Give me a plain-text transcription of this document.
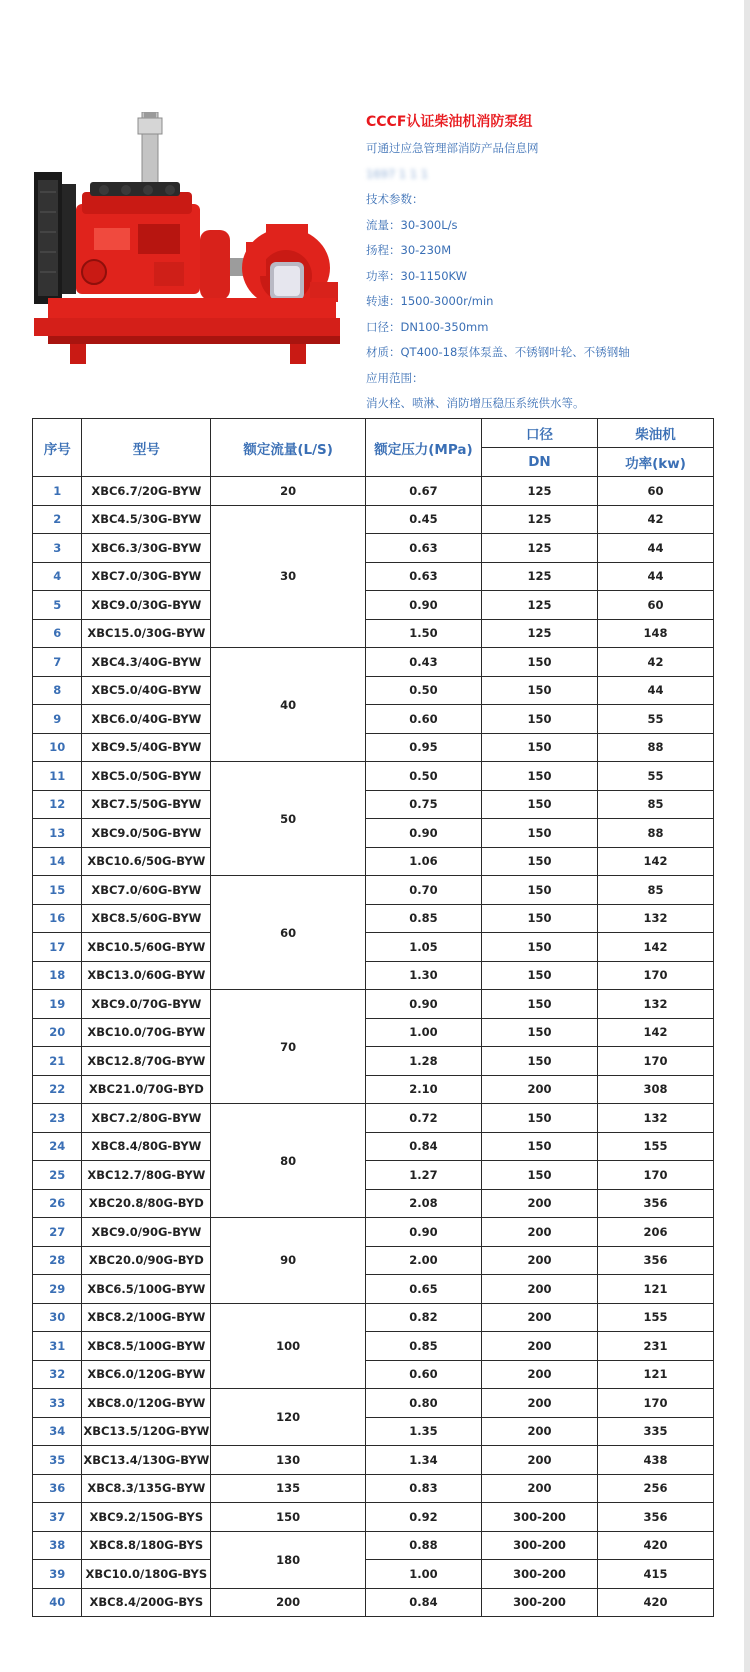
CCCF认证柴油机消防泵组
可通过应急管理部消防产品信息网
1697 1 1 1
技术参数：
流量：30-300L/s
扬程：30-230M
功率：30-1150KW
转速：1500-3000r/min
口径：DN100-350mm
材质：QT400-18泵体泵盖、不锈钢叶轮、不锈钢轴
应用范围：
消火栓、喷淋、消防增压稳压系统供水等。
序号	型号	额定流量(L/S)	额定压力(MPa)	口径	柴油机
				DN	功率(kw)
1	XBC6.7/20G-BYW	20	0.67	125	60
2	XBC4.5/30G-BYW	30	0.45	125	42
3	XBC6.3/30G-BYW		0.63	125	44
4	XBC7.0/30G-BYW		0.63	125	44
5	XBC9.0/30G-BYW		0.90	125	60
6	XBC15.0/30G-BYW		1.50	125	148
7	XBC4.3/40G-BYW	40	0.43	150	42
8	XBC5.0/40G-BYW		0.50	150	44
9	XBC6.0/40G-BYW		0.60	150	55
10	XBC9.5/40G-BYW		0.95	150	88
11	XBC5.0/50G-BYW	50	0.50	150	55
12	XBC7.5/50G-BYW		0.75	150	85
13	XBC9.0/50G-BYW		0.90	150	88
14	XBC10.6/50G-BYW		1.06	150	142
15	XBC7.0/60G-BYW	60	0.70	150	85
16	XBC8.5/60G-BYW		0.85	150	132
17	XBC10.5/60G-BYW		1.05	150	142
18	XBC13.0/60G-BYW		1.30	150	170
19	XBC9.0/70G-BYW	70	0.90	150	132
20	XBC10.0/70G-BYW		1.00	150	142
21	XBC12.8/70G-BYW		1.28	150	170
22	XBC21.0/70G-BYD		2.10	200	308
23	XBC7.2/80G-BYW	80	0.72	150	132
24	XBC8.4/80G-BYW		0.84	150	155
25	XBC12.7/80G-BYW		1.27	150	170
26	XBC20.8/80G-BYD		2.08	200	356
27	XBC9.0/90G-BYW	90	0.90	200	206
28	XBC20.0/90G-BYD		2.00	200	356
29	XBC6.5/100G-BYW		0.65	200	121
30	XBC8.2/100G-BYW	100	0.82	200	155
31	XBC8.5/100G-BYW		0.85	200	231
32	XBC6.0/120G-BYW		0.60	200	121
33	XBC8.0/120G-BYW	120	0.80	200	170
34	XBC13.5/120G-BYW		1.35	200	335
35	XBC13.4/130G-BYW	130	1.34	200	438
36	XBC8.3/135G-BYW	135	0.83	200	256
37	XBC9.2/150G-BYS	150	0.92	300-200	356
38	XBC8.8/180G-BYS	180	0.88	300-200	420
39	XBC10.0/180G-BYS		1.00	300-200	415
40	XBC8.4/200G-BYS	200	0.84	300-200	420
